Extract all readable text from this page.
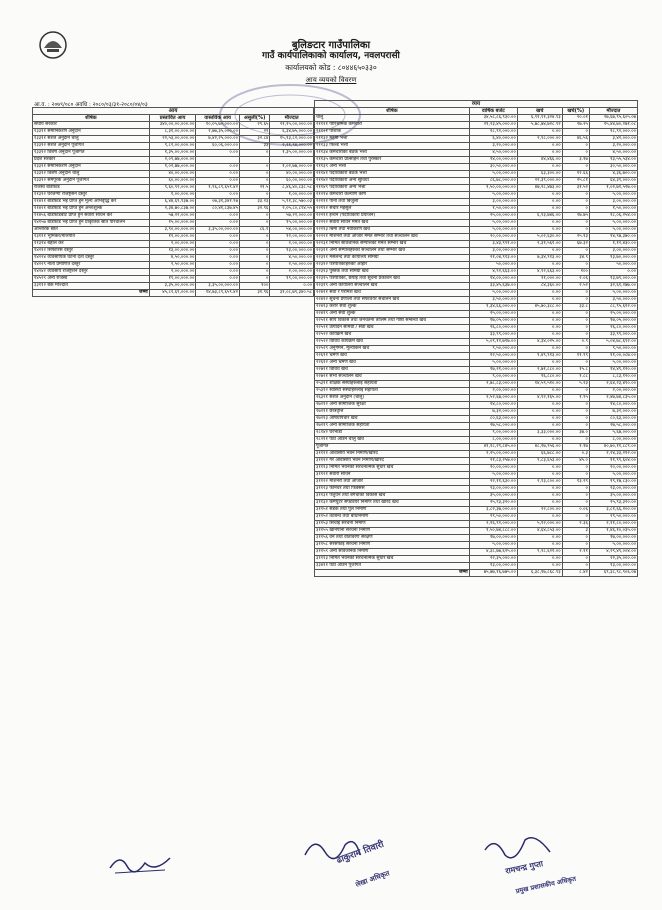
बुलिङटार गाउँपालिका
गाउँ कार्यपालिकाको कार्यालय, नवलपरासी
कार्यालयको कोड : ८०४४६५०३३०
आय व्ययको विवरण
आ.व. : २०७९/०८० अवधि : २०८०/०३/३१-२०८०/०४/०३
आय				
शीर्षक	प्रस्तावित आय	वास्तविक आय	असुली(%)	मौज्दात
संघीय सरकार	३४०,००,००,०००.००	१०,०५,७०,०००.००	२९.६५	२१,१५,००,०००.००
१३३११ समानिकरण अनुदान	८,३१,००,०००.००	२,७७,३५,०००.००	२१	६,३४,७५,०००.००
१३३११ सशर्त अनुदान चालु	२२,५३,००,०००.००	७,४२,२५,०००.००	३२.८४	१५,१३,८२,०००.००
१३३१२ सशर्त अनुदान पूँजीगत	९,८२,००,०००.००	६०,०६,०००.००	३३	२,२१,९४,०००.००
१३३१२ विशेष अनुदान पूँजीगत	१,३५,००,०००.००	०.००	०	१,३५,००,०००.००
प्रदेश सरकार	२,०९,७७,०००.००			
१३३११ समानिकरण अनुदान	१,०२,७७,०००.००	०.००	०	१,०२,७७,०००.००
१३३१२ विशेष अनुदान चालु	४०,००,०००.००	०.००	०	४०,००,०००.००
१३३१२ समपूरक अनुदान पूँजीगत	६०,००,०००.००	०.००	०	६०,००,०००.००
राजस्व बाँडफाँड	९,६०,९२,०००.००	१,९६,८९,६५९.४२	२१.५	८,४६,४०,८३८.५८
११३१२ घरजग्गा रजिष्ट्रेसन दस्तुर	१,००,०००.००	०.००	०	१,००,०००.००
११४११ बाँडफाँड भई प्राप्त हुने मूल्य अभिवृद्धि कर	६,४४,६९,९३७.००	०७,३१,३४१.९७	३३.२३	५,९१,३८,५७०.०३
११४२१ बाँडफाँड भई प्राप्त हुने अन्तःशुल्क	२,३४,७०,८३७.००	८०,४१,८३७.४५	३२.९६	२,०५,८०,८९४.५५
११४५६ बाँडफाँडबाट प्राप्त हुने सवारी साधन कर	५७,२२,०००.००	०.००	०	५७,२२,०००.००
१४१५७ बाँडफाँड भई प्राप्त हुने प्राकृतिक स्रोत परिचालन	१५,००,०००.००	०.००	०	१५,००,०००.००
आन्तरिक स्रोत	३,९०,००,०००.००	३,३५,००,०००.००	८६.१	५४,००,०००.००
१३१११ भूमिकर/मालपोत	१२,००,०००.००	०.००	०	१२,००,०००.००
११३१४ बहाल कर	२,००,०००.००	०.००	०	२,००,०००.००
१४२१२ सिफारिस दस्तुर	१३,००,०००.००	०.००	०	१३,००,०००.००
१४२२४ व्यवसायिक घटना दर्ता दस्तुर	४,५०,०००.००	०.००	०	४,५०,०००.००
१४२२९ नाता प्रमाणित दस्तुर	२,५०,०००.००	०.००	०	२,५०,०००.००
१४२४२ व्यवसाय रजिष्ट्रेशन दस्तुर	२,००,०००.००	०.००	०	२,००,०००.००
१४५२९ अन्य राजस्व	१९,००,०००.००	०.००	०	१९,००,०००.००
३३११२ बैंक मौज्दात	३,३५,००,०००.००	३,३५,००,०००.००	१००	०.००
जम्मा	४५,८२,६९,०००.००	१४,७३,८९,६५९.४२	३१.९६	३१,०८,७९,३४०.५८
व्यय				
शीर्षक	वार्षिक बजेट	खर्च	खर्च(%)	मौज्दात
चालु	३४,५८,८६,९३०.००	६,९१,९१,३२४.९३	२०.०१	२७,६७,९५,६०५.०७
२११११ पारिश्रमिक कर्मचारी	२१,२३,४५,०००.००	५,७८,७४,७२८.९२	२७.२५	१५,४४,७०,२७१.०८
२११२१ पोशाक	१८,९२,०००.००	०.००	०	१८,९२,०००.००
२११३२ महंगी भत्ता	६,४०,०००.००	२,९८,०००.००	४६.५६	३,४२,०००.००
२११३३ फिल्ड भत्ता	३,२०,०००.००	०.००	०	३,२०,०००.००
२११३४ कर्मचारीको बैठक भत्ता	४,५०,०००.००	०.००	०	४,५०,०००.००
२११३५ कर्मचारी प्रोत्साहन तथा पुरस्कार	१४,००,०००.००	४४,४६६.००	३.१७	१३,५५,५३४.००
२११३९ अन्य भत्ता	३०,५०,०००.००	०.००	०	३०,५०,०००.००
२११४१ पदाधिकारी बैठक भत्ता	५,००,०००.००	६३,३००.००	१२.६६	४,३६,७००.००
२११४२ पदाधिकारी अन्य सुविधा	८६,७८,०००.००	२२,३९,०००.००	२५.८१	६४,३९,०००.००
२११४९ पदाधिकारी अन्य भत्ता	१,५०,००,०००.००	४७,२८,४७३.००	३१.५२	१,०२,७१,५२७.००
२१२१४ कर्मचारी कल्याण कोष	५,००,०००.००	०.००	०	५,००,०००.००
२२१११ पानी तथा बिजुली	३,००,०००.००	०.००	०	३,००,०००.००
२२११२ संचार महसुल	१,५०,०००.००	०.००	०	१,५०,०००.००
२२२११ इन्धन (पदाधिकारी प्रयोजन)	२५,००,०००.००	६,९३,७४६.००	२७.७५	१८,०६,२५४.००
२२२१२ सवारी साधन मर्मत खर्च	५,००,०००.००	०.००	०	५,००,०००.००
२२२१३ बिमा तथा नवीकरण खर्च	५,००,०००.००	०.००	०	५,००,०००.००
२२२२१ मेशिनरी तथा औजार मर्मत सम्भार तथा सञ्चालन खर्च	२०,००,०००.००	५,०२,६३०.००	२५.१३	१४,९७,३७०.००
२२२३१ निर्मित सार्वजनिक सम्पत्तिको मर्मत सम्भार खर्च	३,४३,९९१.००	२,३१,५६१.००	६७.३२	१,१२,४३०.००
२२३११ अन्य सम्पत्तिहरुको सञ्चालन तथा सम्भार खर्च	३,००,०००.००	०.००	०	३,००,०००.००
२२३११ मसलन्द तथा कार्यालय सामग्री	२१,०४,९१३.००	७,३४,९१३.००	३४.९	१३,७०,०००.००
२२३१२ पत्रपत्रिकाहरुको आहार	५०,०००.००	०.००	०	५०,०००.००
२२३१३ पुस्तक तथा सामग्री खर्च	४,९२,६६३.००	४,९२,६६३.००	१००	०.००
२२३१५ पत्रपत्रिका, छपाई तथा सूचना प्रकाशन खर्च	१४,००,०००.००	२१,०००.००	२.०६	१३,७९,०००.००
२२३१९ अन्य कार्यालय सञ्चालन खर्च	३३,४५,६३७.००	८४,३६०.००	२.५२	३२,६१,२७७.००
२२४११ सेवा र परामर्श खर्च	५,००,०००.००	०.००	०	५,००,०००.००
२२४१२ सूचना प्रणाली तथा सफ्टवेयर संचालन खर्च	३,५०,०००.००	०.००	०	३,५०,०००.००
२२४१३ करार सेवा शुल्क	१,३४,६६,०००.००	४५,७०,३८८.००	३३.८	८८,९५,६१२.००
२२४१९ अन्य सेवा शुल्क	२५,००,०००.००	०.००	०	२५,००,०००.००
२२५११ सीप विकास तथा जनचेतना तालिम तथा गोष्ठी सम्बन्धी खर्च	१७,०५,०००.००	०.००	०	१७,०५,०००.००
२२५२१ उत्पादन सामग्री / सेवा खर्च	२६,८०,०००.००	०.००	०	२६,८०,०००.००
२२५२२ कार्यक्रम खर्च	३३,९९,०००.००	०.००	०	३३,९९,०००.००
२२५२२ विविध कार्यक्रम खर्च	५,०९,१२,७१७.००	४,३४,०२५.००	०.९	५,०४,७८,६९२.००
२२५२९ अनुगमन, मूल्यांकन खर्च	९,५०,०००.००	०.००	०	९,५०,०००.००
२२६११ भ्रमण खर्च	१२,५०,०००.००	१,४९,९१३.००	११.९९	११,००,०८७.००
२२६१२ अन्य भ्रमण खर्च	५,००,०००.००	०.००	०	५,००,०००.००
२२७११ विविध खर्च	१७,२१,०००.००	२,७१,८८०.००	१५.८	१४,४९,१२०.००
२२७२१ सभा सञ्चालन खर्च	९,००,०००.००	१६,८८०.००	१.८८	८,८३,१२०.००
२५३११ शैक्षिक संस्थाहरुलाई सहायता	२,७८,८३,०००.००	१४,५९,५१०.००	५.२३	२,६४,२३,४९०.००
२५३१२ स्वास्थ्य संस्थाहरुलाई सहायता	२,००,०००.००	०.००	०	२,००,०००.००
२६३२१ सशर्त अनुदान (चालु)	२,५२,६७,०००.००	४,९२,१६५.००	१.९५	२,४७,७४,८३५.००
२७२१२ अन्य सामाजिक सुरक्षा	१४,८०,०००.००	०.००	०	१४,८०,०००.००
२७२११ छात्रवृत्ति	७,३२,०००.००	०.००	०	७,३२,०००.००
२७२१३ औषधोपचार खर्च	८०,६३,०००.००	०.००	०	८०,६३,०००.००
२७२१९ अन्य सामाजिक सहायता	२७,५८,०००.००	०.००	०	२७,५८,०००.००
२८१४२ घरभाडा	९,००,०००.००	३,३३,०००.००	३७.०	५,६७,०००.००
२८२११ पैंठो आउने चालु खर्च	८,००,०००.००	०.००	०	८,००,०००.००
पूँजीगत	४१,१८,२९,८४५.००	४८,१७,९५६.००	१.१७	४०,७०,११,८८९.००
३११११ आवासीय भवन निर्माण/खरिद	२,२५,००,०००.००	६६,७८८.००	०.३	२,२४,३३,२१२.००
३१११२ गैर आवासीय भवन निर्माण/खरिद	२१,८३,२५७.००	९,८३,६५३.००	४५.०	११,९९,६०४.००
३१११३ निर्मित भवनको संरचनात्मक सुधार खर्च	२०,००,०००.००	०.००	०	२०,००,०००.००
३११२१ सवारी साधन	५,००,०००.००	०.००	०	५,००,०००.००
३११२२ मेशिनरी तथा औजार	२२,११,६३०.००	२,९३,८००.००	१३.२९	१९,१७,८३०.००
३११२३ फर्निचर तथा फिक्सर्स	२३,००,०००.००	०.००	०	२३,००,०००.००
३११३१ पशुधन तथा बगैंचाको विकास खर्च	३५,००,०००.००	०.००	०	३५,००,०००.००
३११३२ कम्प्युटर सफ्टवेयर निर्माण तथा खरिद खर्च	२५,९३,३२०.००	०.००	०	२५,९३,३२०.००
३११५१ सडक तथा पुल निर्माण	३,८२,३७,०००.००	२२,८००.००	०.०६	३,८१,६६,२००.००
३११५२ तटबन्ध तथा बाँधनिर्माण	२९,५०,०००.००	०.००	०	२९,५०,०००.००
३११५३ सिंचाई संरचना निर्माण	२,१६,९२,०००.००	५,१२,०००.००	२.३६	२,११,८०,०००.००
३११५५ खानेपानी संरचना निर्माण	१,५०,७४,८८८.००	४,६४,८५३.००	३	१,४६,१०,०३५.००
३११५६ वन तथा वातावरण संरक्षण	१७,००,०००.००	०.००	०	१७,००,०००.००
३११५८ सरसफाई संरचना निर्माण	५,००,०००.००	०.००	०	५,००,०००.००
३११५९ अन्य सार्वजनिक निर्माण	४,३८,७७,६२५.००	९,२८,६२१.००	२.११	४,२९,४९,००४.००
३१११३ निर्मित भवनको संरचनात्मक सुधार खर्च	२२,३५,०००.००	०.००	०	२२,३५,०००.००
३३४११ पैंठो आउने पूँजीगत	१३,००,०००.००	०.००	०	१३,००,०००.००
जम्मा	७५,७७,१६,७७५.००	६,३८,१७,८६८.९३	८.४२	६९,३८,९८,९०६.०७
ढाकुराम तिवारी
लेखा अधिकृत
रामचन्द्र गुप्ता
प्रमुख प्रशासकीय अधिकृत
